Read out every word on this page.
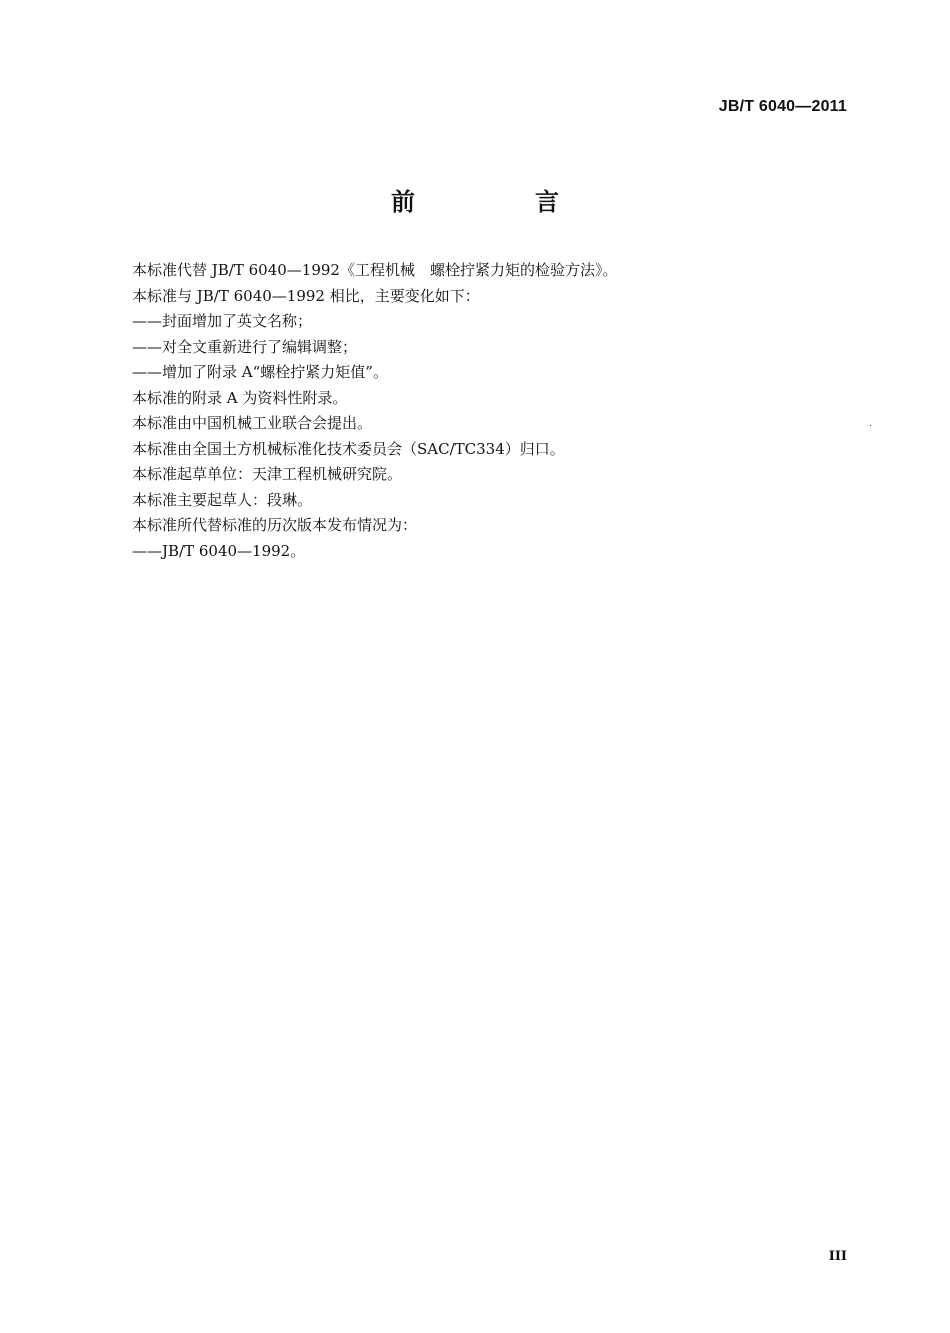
JB/T 6040—2011
前　言

本标准代替 JB/T 6040—1992《工程机械　螺栓拧紧力矩的检验方法》。

本标准与 JB/T 6040—1992 相比，主要变化如下：

——封面增加了英文名称；

——对全文重新进行了编辑调整；

——增加了附录 A“螺栓拧紧力矩值”。

本标准的附录 A 为资料性附录。

本标准由中国机械工业联合会提出。

本标准由全国土方机械标准化技术委员会（SAC/TC334）归口。

本标准起草单位：天津工程机械研究院。

本标准主要起草人：段琳。

本标准所代替标准的历次版本发布情况为：

——JB/T 6040—1992。

III
